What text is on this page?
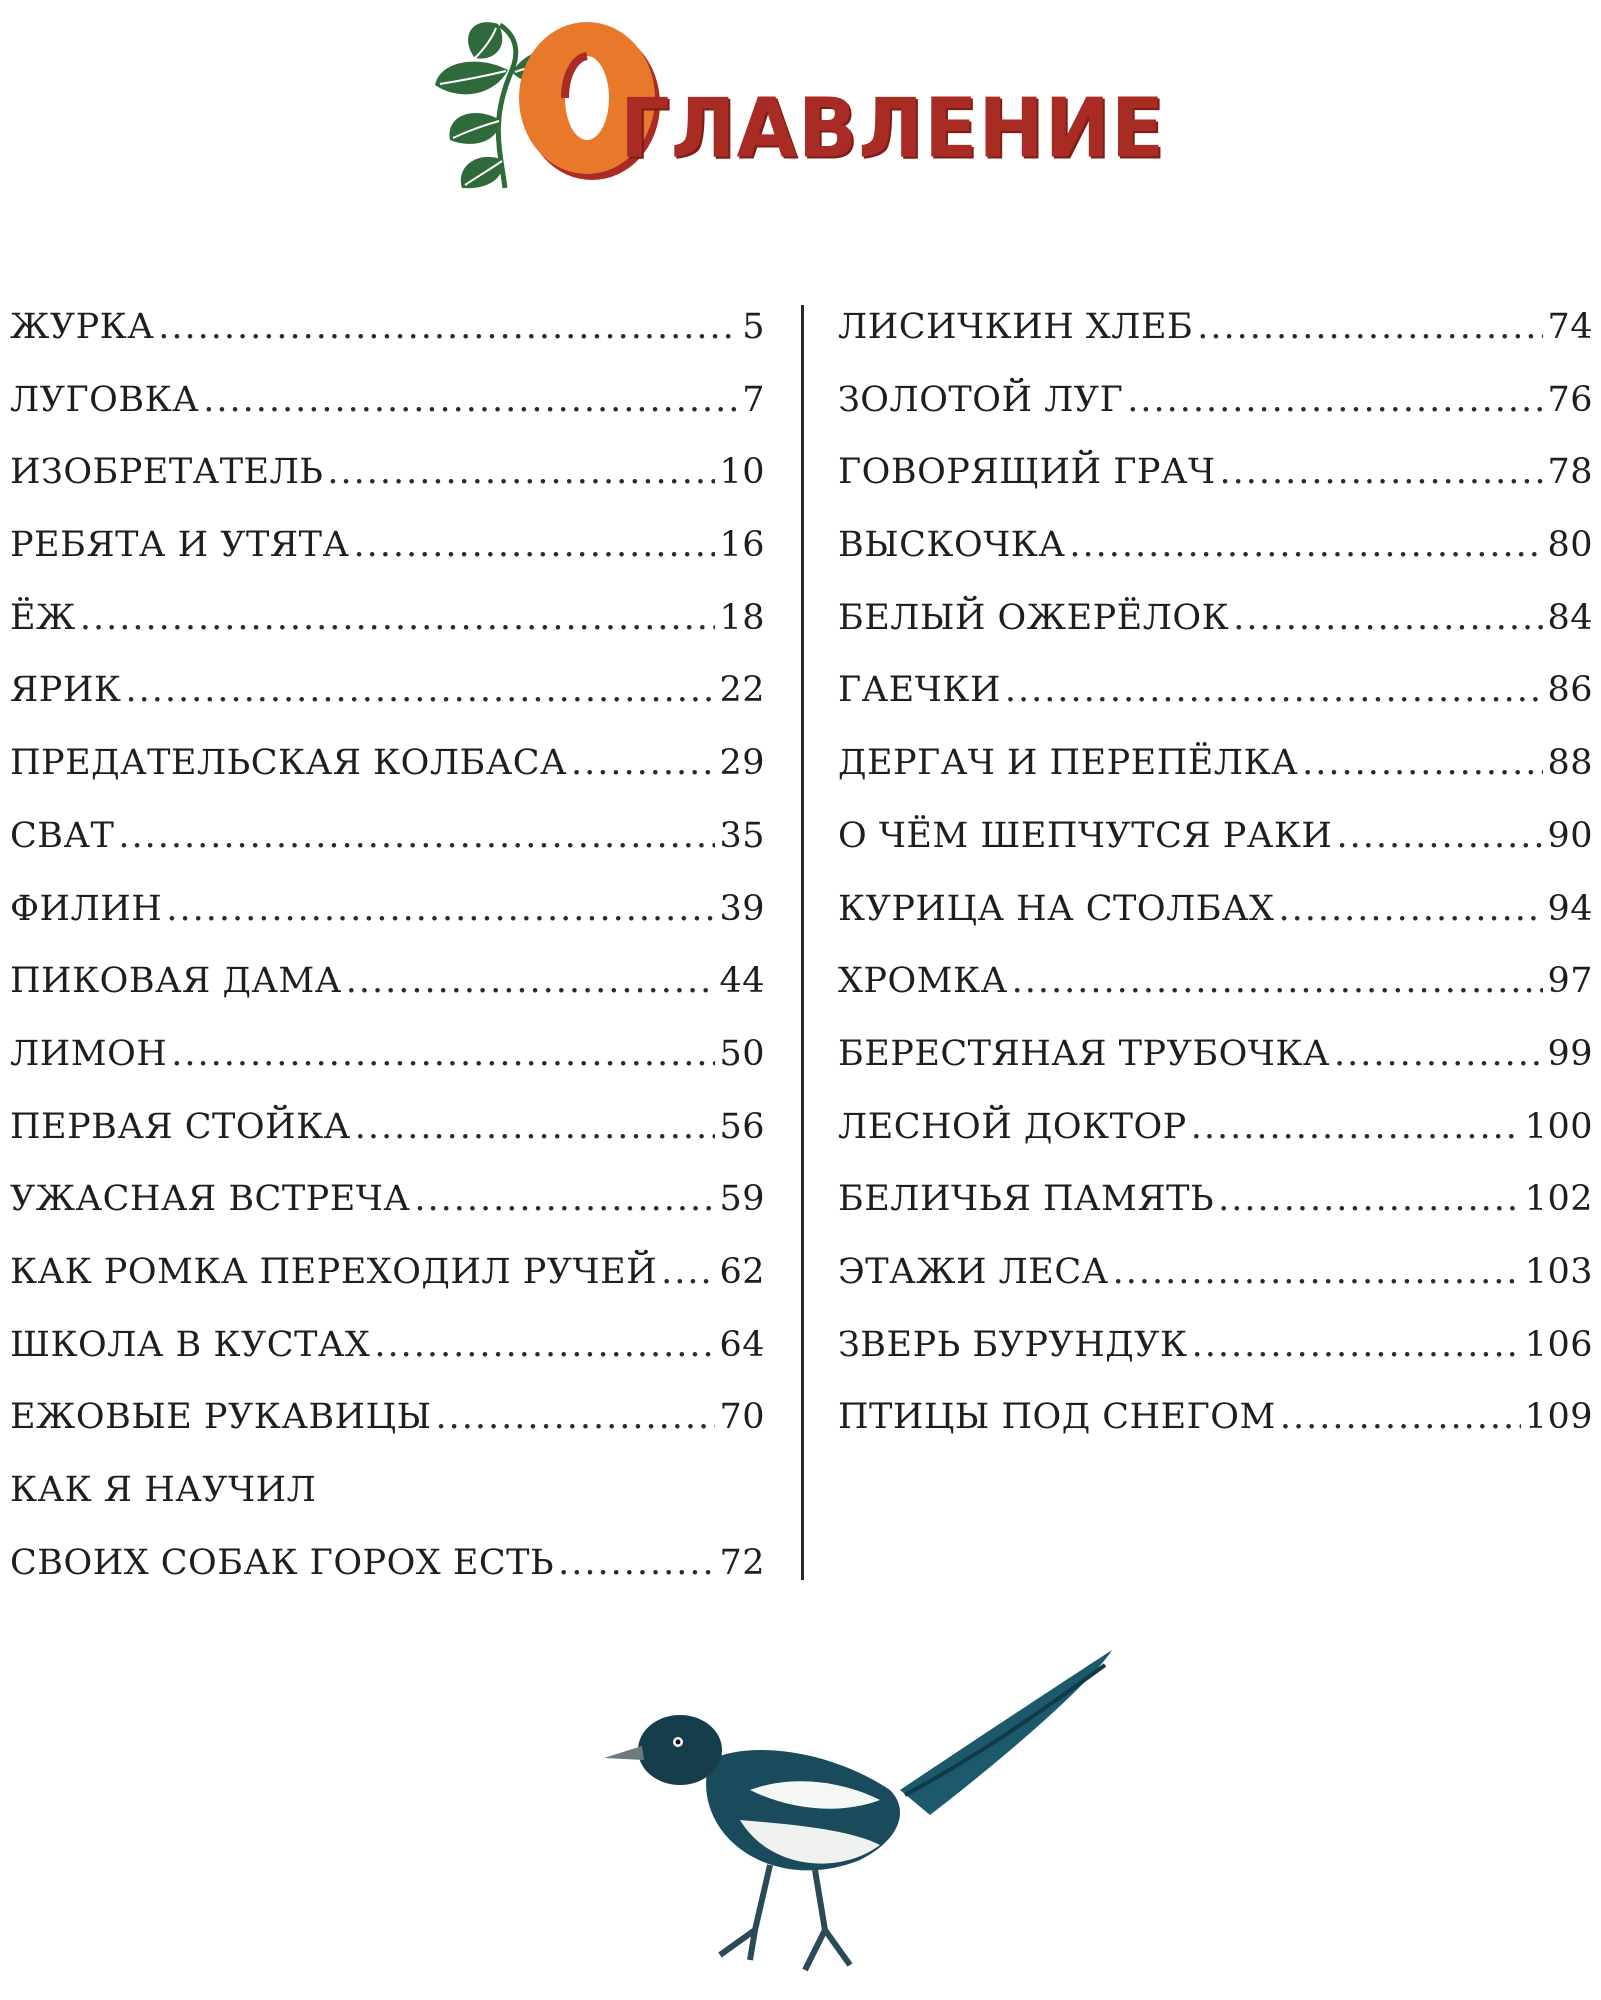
ГЛАВЛЕНИЕ
ЖУРКА .....	5
ЛУГОВКА .....	7
ИЗОБРЕТАТЕЛЬ .....	10
РЕБЯТА И УТЯТА .....	16
ЁЖ .....	18
ЯРИК .....	22
ПРЕДАТЕЛЬСКАЯ КОЛБАСА .....	29
СВАТ .....	35
ФИЛИН .....	39
ПИКОВАЯ ДАМА .....	44
ЛИМОН .....	50
ПЕРВАЯ СТОЙКА .....	56
УЖАСНАЯ ВСТРЕЧА .....	59
КАК РОМКА ПЕРЕХОДИЛ РУЧЕЙ ..... 62
ШКОЛА В КУСТАХ .....	64
ЕЖОВЫЕ РУКАВИЦЫ .....	70
КАК Я НАУЧИЛ
СВОИХ СОБАК ГОРОХ ЕСТЬ .....	72
ЛИСИЧКИН ХЛЕБ .....	74
ЗОЛОТОЙ ЛУГ .....	76
ГОВОРЯЩИЙ ГРАЧ .....	78
ВЫСКОЧКА .....	80
БЕЛЫЙ ОЖЕРЁЛОК .....	84
ГАЕЧКИ .....	86
ДЕРГАЧ И ПЕРЕПЁЛКА .....	88
О ЧЁМ ШЕПЧУТСЯ РАКИ .....	90
КУРИЦА НА СТОЛБАХ .....	94
ХРОМКА .....	97
БЕРЕСТЯНАЯ ТРУБОЧКА .....	99
ЛЕСНОЙ ДОКТОР .....	100
БЕЛИЧЬЯ ПАМЯТЬ .....	102
ЭТАЖИ ЛЕСА .....	103
ЗВЕРЬ БУРУНДУК .....	106
ПТИЦЫ ПОД СНЕГОМ .....	109
